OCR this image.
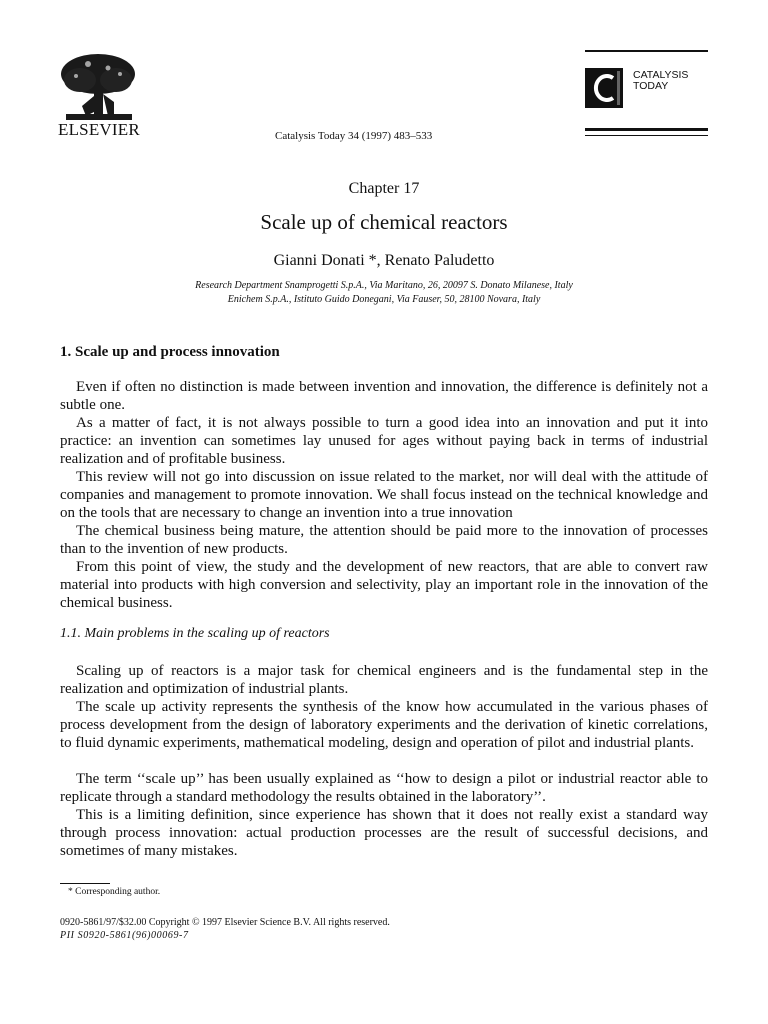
ELSEVIER	Catalysis Today 34 (1997) 483–533
CATALYSIS
TODAY
Chapter 17
Scale up of chemical reactors
Gianni Donati *, Renato Paludetto
Research Department Snamprogetti S.p.A., Via Maritano, 26, 20097 S. Donato Milanese, Italy
Enichem S.p.A., Istituto Guido Donegani, Via Fauser, 50, 28100 Novara, Italy
1. Scale up and process innovation

Even if often no distinction is made between invention and innovation, the difference is definitely not a subtle one.

As a matter of fact, it is not always possible to turn a good idea into an innovation and put it into practice: an invention can sometimes lay unused for ages without paying back in terms of industrial realization and of profitable business.

This review will not go into discussion on issue related to the market, nor will deal with the attitude of companies and management to promote innovation. We shall focus instead on the technical knowledge and on the tools that are necessary to change an invention into a true innovation

The chemical business being mature, the attention should be paid more to the innovation of processes than to the invention of new products.

From this point of view, the study and the development of new reactors, that are able to convert raw material into products with high conversion and selectivity, play an important role in the innovation of the chemical business.

1.1. Main problems in the scaling up of reactors

Scaling up of reactors is a major task for chemical engineers and is the fundamental step in the realization and optimization of industrial plants.

The scale up activity represents the synthesis of the know how accumulated in the various phases of process development from the design of laboratory experiments and the derivation of kinetic correlations, to fluid dynamic experiments, mathematical modeling, design and operation of pilot and industrial plants.

The term ‘‘scale up’’ has been usually explained as ‘‘how to design a pilot or industrial reactor able to replicate through a standard methodology the results obtained in the laboratory’’.

This is a limiting definition, since experience has shown that it does not really exist a standard way through process innovation: actual production processes are the result of successful decisions, and sometimes of many mistakes.

* Corresponding author.
0920-5861/97/$32.00 Copyright © 1997 Elsevier Science B.V. All rights reserved.
PII S0920-5861(96)00069-7
